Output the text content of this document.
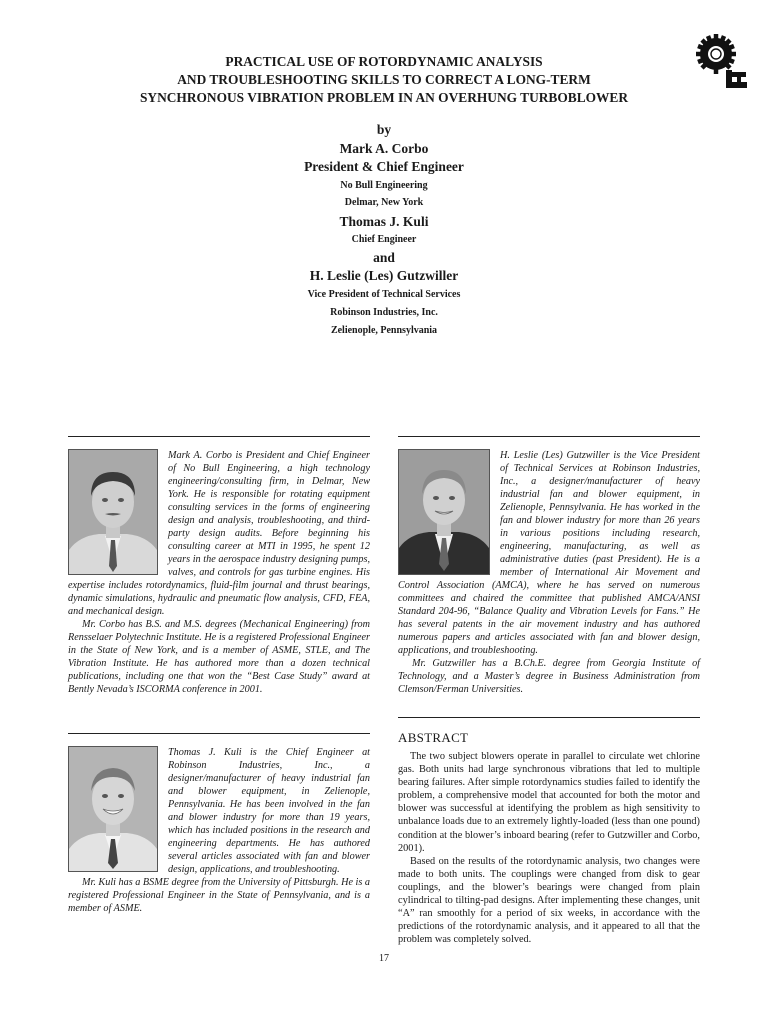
PRACTICAL USE OF ROTORDYNAMIC ANALYSIS
AND TROUBLESHOOTING SKILLS TO CORRECT A LONG-TERM
SYNCHRONOUS VIBRATION PROBLEM IN AN OVERHUNG TURBOBLOWER
by
Mark A. Corbo
President & Chief Engineer
No Bull Engineering
Delmar, New York
Thomas J. Kuli
Chief Engineer
and
H. Leslie (Les) Gutzwiller
Vice President of Technical Services
Robinson Industries, Inc.
Zelienople, Pennsylvania

Mark A. Corbo is President and Chief Engineer of No Bull Engineering, a high technology engineering/consulting firm, in Delmar, New York. He is responsible for rotating equipment consulting services in the forms of engineering design and analysis, troubleshooting, and third-party design audits. Before beginning his consulting career at MTI in 1995, he spent 12 years in the aerospace industry designing pumps, valves, and controls for gas turbine engines. His expertise includes rotordynamics, fluid-film journal and thrust bearings, dynamic simulations, hydraulic and pneumatic flow analysis, CFD, FEA, and mechanical design.

Mr. Corbo has B.S. and M.S. degrees (Mechanical Engineering) from Rensselaer Polytechnic Institute. He is a registered Professional Engineer in the State of New York, and is a member of ASME, STLE, and The Vibration Institute. He has authored more than a dozen technical publications, including one that won the “Best Case Study” award at Bently Nevada’s ISCORMA conference in 2001.

Thomas J. Kuli is the Chief Engineer at Robinson Industries, Inc., a designer/manufacturer of heavy industrial fan and blower equipment, in Zelienople, Pennsylvania. He has been involved in the fan and blower industry for more than 19 years, which has included positions in the research and engineering departments. He has authored several articles associated with fan and blower design, applications, and troubleshooting.

Mr. Kuli has a BSME degree from the University of Pittsburgh. He is a registered Professional Engineer in the State of Pennsylvania, and is a member of ASME.

H. Leslie (Les) Gutzwiller is the Vice President of Technical Services at Robinson Industries, Inc., a designer/manufacturer of heavy industrial fan and blower equipment, in Zelienople, Pennsylvania. He has worked in the fan and blower industry for more than 26 years in various positions including research, engineering, manufacturing, as well as administrative duties (past President). He is a member of International Air Movement and Control Association (AMCA), where he has served on numerous committees and chaired the committee that published AMCA/ANSI Standard 204-96, “Balance Quality and Vibration Levels for Fans.” He has several patents in the air movement industry and has authored numerous papers and articles associated with fan and blower design, applications, and troubleshooting.

Mr. Gutzwiller has a B.Ch.E. degree from Georgia Institute of Technology, and a Master’s degree in Business Administration from Clemson/Ferman Universities.

ABSTRACT

The two subject blowers operate in parallel to circulate wet chlorine gas. Both units had large synchronous vibrations that led to multiple bearing failures. After simple rotordynamics studies failed to identify the problem, a comprehensive model that accounted for both the motor and blower was successful at identifying the problem as high sensitivity to unbalance loads due to an extremely lightly-loaded (less than one pound) condition at the blower’s inboard bearing (refer to Gutzwiller and Corbo, 2001).

Based on the results of the rotordynamic analysis, two changes were made to both units. The couplings were changed from disk to gear couplings, and the blower’s bearings were changed from plain cylindrical to tilting-pad designs. After implementing these changes, unit “A” ran smoothly for a period of six weeks, in accordance with the predictions of the rotordynamic analysis, and it appeared to all that the problem was completely solved.

17
